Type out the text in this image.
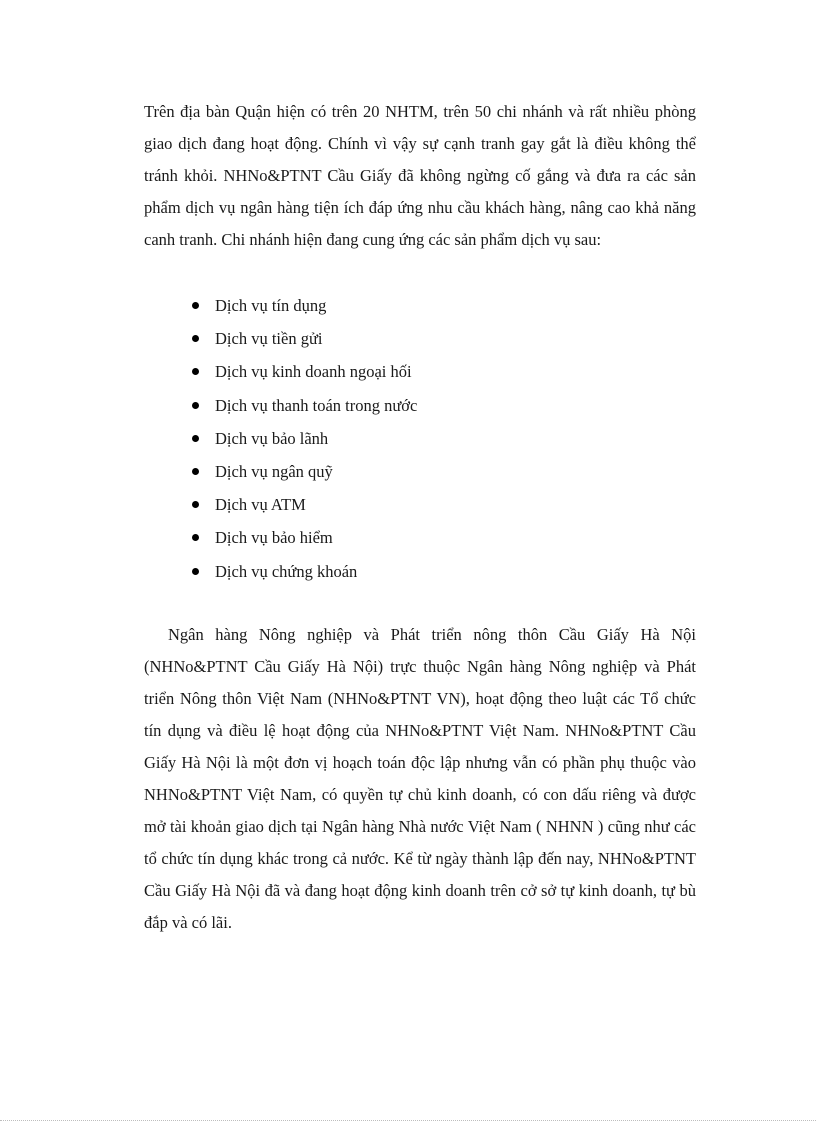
Trên địa bàn Quận hiện có trên 20 NHTM, trên 50 chi nhánh và rất nhiều phòng giao dịch đang hoạt động. Chính vì vậy sự cạnh tranh gay gắt là điều không thể tránh khỏi. NHNo&PTNT Cầu Giấy đã không ngừng cố gắng và đưa ra các sản phẩm dịch vụ ngân hàng tiện ích đáp ứng nhu cầu khách hàng, nâng cao khả năng canh tranh. Chi nhánh hiện đang cung ứng các sản phẩm dịch vụ sau:

Dịch vụ tín dụng
Dịch vụ tiền gửi
Dịch vụ kinh doanh ngoại hối
Dịch vụ thanh toán trong nước
Dịch vụ bảo lãnh
Dịch vụ ngân quỹ
Dịch vụ ATM
Dịch vụ bảo hiểm
Dịch vụ chứng khoán

Ngân hàng Nông nghiệp và Phát triển nông thôn Cầu Giấy Hà Nội (NHNo&PTNT Cầu Giấy Hà Nội) trực thuộc Ngân hàng Nông nghiệp và Phát triển Nông thôn Việt Nam (NHNo&PTNT VN), hoạt động theo luật các Tổ chức tín dụng và điều lệ hoạt động của NHNo&PTNT Việt Nam. NHNo&PTNT Cầu Giấy Hà Nội là một đơn vị hoạch toán độc lập nhưng vẫn có phần phụ thuộc vào NHNo&PTNT Việt Nam, có quyền tự chủ kinh doanh, có con dấu riêng và được mở tài khoản giao dịch tại Ngân hàng Nhà nước Việt Nam ( NHNN ) cũng như các tổ chức tín dụng khác trong cả nước. Kể từ ngày thành lập đến nay, NHNo&PTNT Cầu Giấy Hà Nội đã và đang hoạt động kinh doanh trên cở sở tự kinh doanh, tự bù đắp và có lãi.
